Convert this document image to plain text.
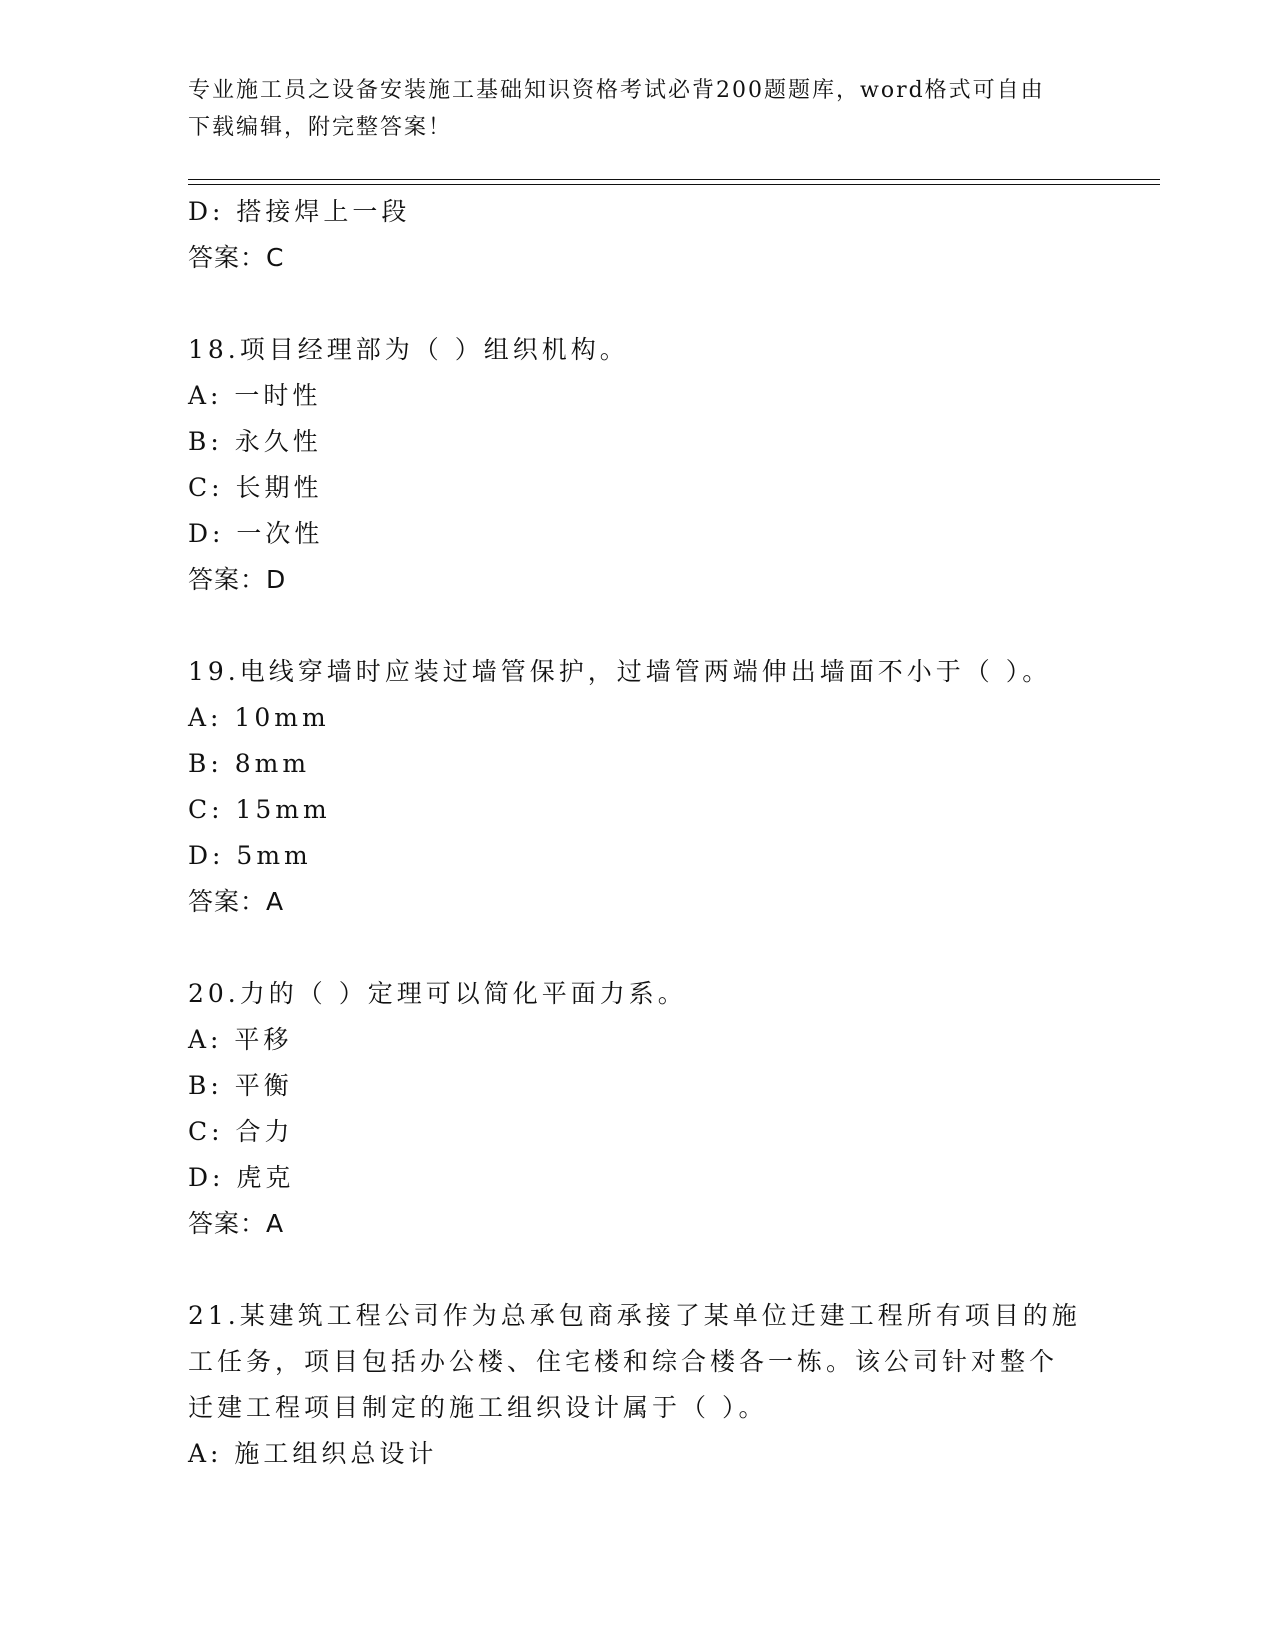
专业施工员之设备安装施工基础知识资格考试必背200题题库，word格式可自由
下载编辑，附完整答案！
D: 搭接焊上一段
答案：C
18.项目经理部为（ ）组织机构。
A: 一时性
B: 永久性
C: 长期性
D: 一次性
答案：D
19.电线穿墙时应装过墙管保护，过墙管两端伸出墙面不小于（ ）。
A: 10mm
B: 8mm
C: 15mm
D: 5mm
答案：A
20.力的（ ）定理可以简化平面力系。
A: 平移
B: 平衡
C: 合力
D: 虎克
答案：A
21.某建筑工程公司作为总承包商承接了某单位迁建工程所有项目的施
工任务，项目包括办公楼、住宅楼和综合楼各一栋。该公司针对整个
迁建工程项目制定的施工组织设计属于（ ）。
A: 施工组织总设计
